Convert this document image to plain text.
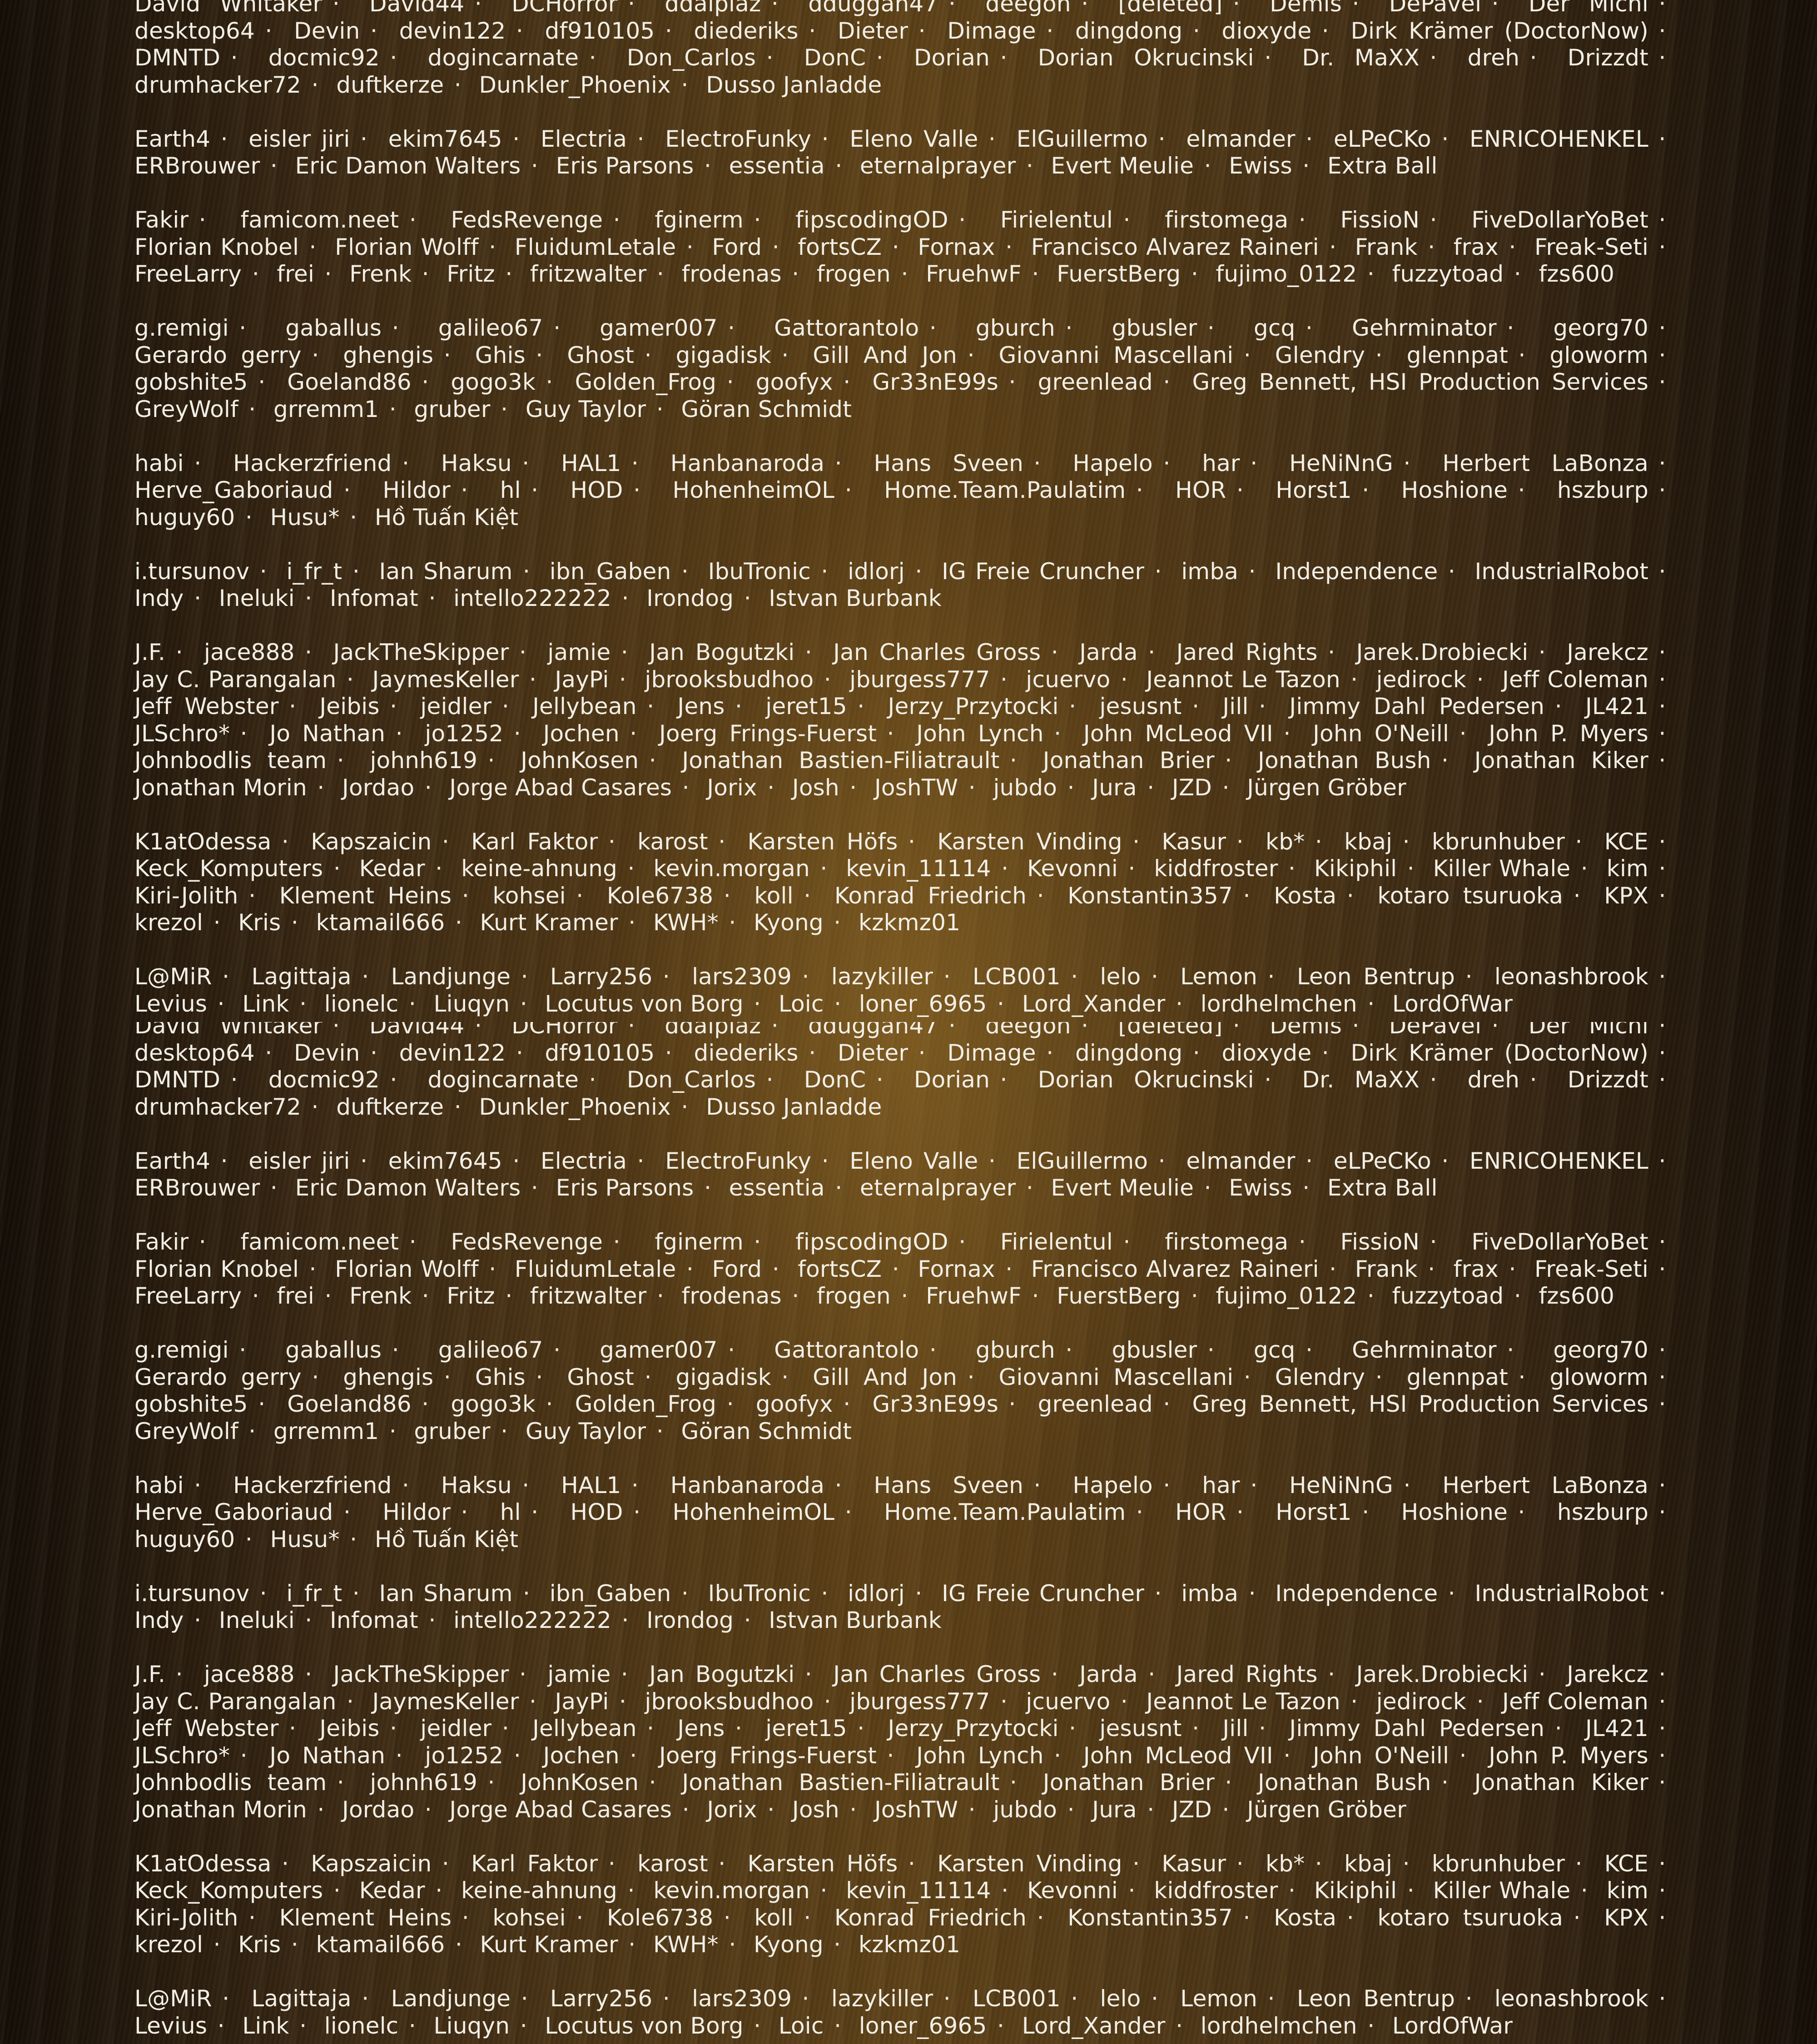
David Whitaker · David44 · DCHorror · ddalpiaz · dduggan47 · deegon · [deleted] · Demis · DePavel · Der Michi · desktop64 · Devin · devin122 · df910105 · diederiks · Dieter · Dimage · dingdong · dioxyde · Dirk Krämer (DoctorNow) · DMNTD · docmic92 · dogincarnate · Don_Carlos · DonC · Dorian · Dorian Okrucinski · Dr. MaXX · dreh · Drizzdt · drumhacker72 · duftkerze · Dunkler_Phoenix · Dusso Janladde

Earth4 · eisler jiri · ekim7645 · Electria · ElectroFunky · Eleno Valle · ElGuillermo · elmander · eLPeCKo · ENRICOHENKEL · ERBrouwer · Eric Damon Walters · Eris Parsons · essentia · eternalprayer · Evert Meulie · Ewiss · Extra Ball

Fakir · famicom.neet · FedsRevenge · fginerm · fipscodingOD · Firielentul · firstomega · FissioN · FiveDollarYoBet · Florian Knobel · Florian Wolff · FluidumLetale · Ford · fortsCZ · Fornax · Francisco Alvarez Raineri · Frank · frax · Freak-Seti · FreeLarry · frei · Frenk · Fritz · fritzwalter · frodenas · frogen · FruehwF · FuerstBerg · fujimo_0122 · fuzzytoad · fzs600

g.remigi · gaballus · galileo67 · gamer007 · Gattorantolo · gburch · gbusler · gcq · Gehrminator · georg70 · Gerardo gerry · ghengis · Ghis · Ghost · gigadisk · Gill And Jon · Giovanni Mascellani · Glendry · glennpat · gloworm · gobshite5 · Goeland86 · gogo3k · Golden_Frog · goofyx · Gr33nE99s · greenlead · Greg Bennett, HSI Production Services · GreyWolf · grremm1 · gruber · Guy Taylor · Göran Schmidt

habi · Hackerzfriend · Haksu · HAL1 · Hanbanaroda · Hans Sveen · Hapelo · har · HeNiNnG · Herbert LaBonza · Herve_Gaboriaud · Hildor · hl · HOD · HohenheimOL · Home.Team.Paulatim · HOR · Horst1 · Hoshione · hszburp · huguy60 · Husu* · Hồ Tuấn Kiệt

i.tursunov · i_fr_t · Ian Sharum · ibn_Gaben · IbuTronic · idlorj · IG Freie Cruncher · imba · Independence · IndustrialRobot · Indy · Ineluki · Infomat · intello222222 · Irondog · Istvan Burbank

J.F. · jace888 · JackTheSkipper · jamie · Jan Bogutzki · Jan Charles Gross · Jarda · Jared Rights · Jarek.Drobiecki · Jarekcz · Jay C. Parangalan · JaymesKeller · JayPi · jbrooksbudhoo · jburgess777 · jcuervo · Jeannot Le Tazon · jedirock · Jeff Coleman · Jeff Webster · Jeibis · jeidler · Jellybean · Jens · jeret15 · Jerzy_Przytocki · jesusnt · Jill · Jimmy Dahl Pedersen · JL421 · JLSchro* · Jo Nathan · jo1252 · Jochen · Joerg Frings-Fuerst · John Lynch · John McLeod VII · John O'Neill · John P. Myers · Johnbodlis team · johnh619 · JohnKosen · Jonathan Bastien-Filiatrault · Jonathan Brier · Jonathan Bush · Jonathan Kiker · Jonathan Morin · Jordao · Jorge Abad Casares · Jorix · Josh · JoshTW · jubdo · Jura · JZD · Jürgen Gröber

K1atOdessa · Kapszaicin · Karl Faktor · karost · Karsten Höfs · Karsten Vinding · Kasur · kb* · kbaj · kbrunhuber · KCE · Keck_Komputers · Kedar · keine-ahnung · kevin.morgan · kevin_11114 · Kevonni · kiddfroster · Kikiphil · Killer Whale · kim · Kiri-Jolith · Klement Heins · kohsei · Kole6738 · koll · Konrad Friedrich · Konstantin357 · Kosta · kotaro tsuruoka · KPX · krezol · Kris · ktamail666 · Kurt Kramer · KWH* · Kyong · kzkmz01

L@MiR · Lagittaja · Landjunge · Larry256 · lars2309 · lazykiller · LCB001 · lelo · Lemon · Leon Bentrup · leonashbrook · Levius · Link · lionelc · Liuqyn · Locutus von Borg · Loic · loner_6965 · Lord_Xander · lordhelmchen · LordOfWar

David Whitaker · David44 · DCHorror · ddalpiaz · dduggan47 · deegon · [deleted] · Demis · DePavel · Der Michi · desktop64 · Devin · devin122 · df910105 · diederiks · Dieter · Dimage · dingdong · dioxyde · Dirk Krämer (DoctorNow) · DMNTD · docmic92 · dogincarnate · Don_Carlos · DonC · Dorian · Dorian Okrucinski · Dr. MaXX · dreh · Drizzdt · drumhacker72 · duftkerze · Dunkler_Phoenix · Dusso Janladde

Earth4 · eisler jiri · ekim7645 · Electria · ElectroFunky · Eleno Valle · ElGuillermo · elmander · eLPeCKo · ENRICOHENKEL · ERBrouwer · Eric Damon Walters · Eris Parsons · essentia · eternalprayer · Evert Meulie · Ewiss · Extra Ball

Fakir · famicom.neet · FedsRevenge · fginerm · fipscodingOD · Firielentul · firstomega · FissioN · FiveDollarYoBet · Florian Knobel · Florian Wolff · FluidumLetale · Ford · fortsCZ · Fornax · Francisco Alvarez Raineri · Frank · frax · Freak-Seti · FreeLarry · frei · Frenk · Fritz · fritzwalter · frodenas · frogen · FruehwF · FuerstBerg · fujimo_0122 · fuzzytoad · fzs600

g.remigi · gaballus · galileo67 · gamer007 · Gattorantolo · gburch · gbusler · gcq · Gehrminator · georg70 · Gerardo gerry · ghengis · Ghis · Ghost · gigadisk · Gill And Jon · Giovanni Mascellani · Glendry · glennpat · gloworm · gobshite5 · Goeland86 · gogo3k · Golden_Frog · goofyx · Gr33nE99s · greenlead · Greg Bennett, HSI Production Services · GreyWolf · grremm1 · gruber · Guy Taylor · Göran Schmidt

habi · Hackerzfriend · Haksu · HAL1 · Hanbanaroda · Hans Sveen · Hapelo · har · HeNiNnG · Herbert LaBonza · Herve_Gaboriaud · Hildor · hl · HOD · HohenheimOL · Home.Team.Paulatim · HOR · Horst1 · Hoshione · hszburp · huguy60 · Husu* · Hồ Tuấn Kiệt

i.tursunov · i_fr_t · Ian Sharum · ibn_Gaben · IbuTronic · idlorj · IG Freie Cruncher · imba · Independence · IndustrialRobot · Indy · Ineluki · Infomat · intello222222 · Irondog · Istvan Burbank

J.F. · jace888 · JackTheSkipper · jamie · Jan Bogutzki · Jan Charles Gross · Jarda · Jared Rights · Jarek.Drobiecki · Jarekcz · Jay C. Parangalan · JaymesKeller · JayPi · jbrooksbudhoo · jburgess777 · jcuervo · Jeannot Le Tazon · jedirock · Jeff Coleman · Jeff Webster · Jeibis · jeidler · Jellybean · Jens · jeret15 · Jerzy_Przytocki · jesusnt · Jill · Jimmy Dahl Pedersen · JL421 · JLSchro* · Jo Nathan · jo1252 · Jochen · Joerg Frings-Fuerst · John Lynch · John McLeod VII · John O'Neill · John P. Myers · Johnbodlis team · johnh619 · JohnKosen · Jonathan Bastien-Filiatrault · Jonathan Brier · Jonathan Bush · Jonathan Kiker · Jonathan Morin · Jordao · Jorge Abad Casares · Jorix · Josh · JoshTW · jubdo · Jura · JZD · Jürgen Gröber

K1atOdessa · Kapszaicin · Karl Faktor · karost · Karsten Höfs · Karsten Vinding · Kasur · kb* · kbaj · kbrunhuber · KCE · Keck_Komputers · Kedar · keine-ahnung · kevin.morgan · kevin_11114 · Kevonni · kiddfroster · Kikiphil · Killer Whale · kim · Kiri-Jolith · Klement Heins · kohsei · Kole6738 · koll · Konrad Friedrich · Konstantin357 · Kosta · kotaro tsuruoka · KPX · krezol · Kris · ktamail666 · Kurt Kramer · KWH* · Kyong · kzkmz01

L@MiR · Lagittaja · Landjunge · Larry256 · lars2309 · lazykiller · LCB001 · lelo · Lemon · Leon Bentrup · leonashbrook · Levius · Link · lionelc · Liuqyn · Locutus von Borg · Loic · loner_6965 · Lord_Xander · lordhelmchen · LordOfWar
